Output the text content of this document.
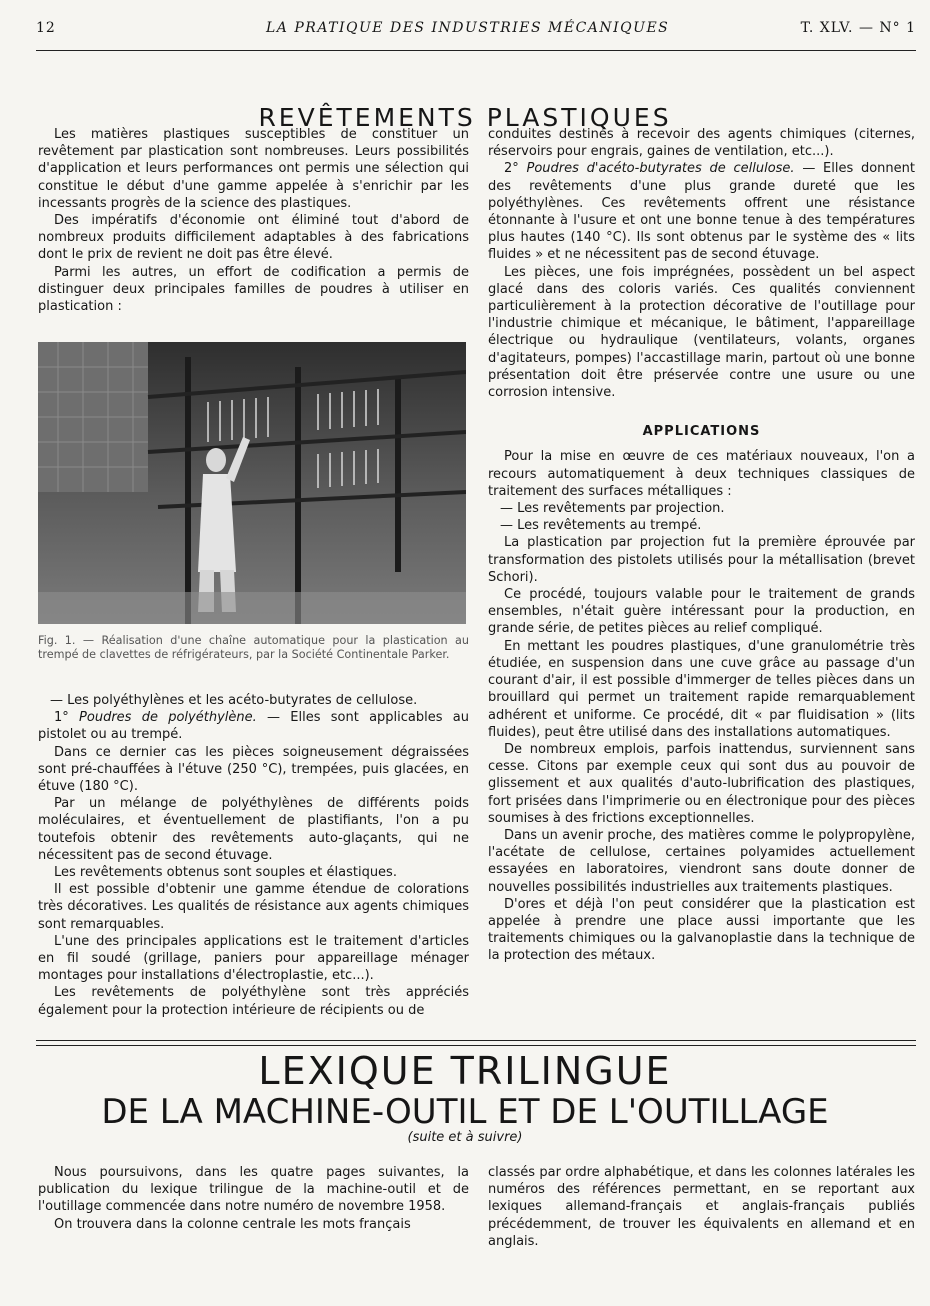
12	LA PRATIQUE DES INDUSTRIES MÉCANIQUES	T. XLV. — N° 1
REVÊTEMENTS PLASTIQUES

Les matières plastiques susceptibles de constituer un revêtement par plastication sont nombreuses. Leurs possibilités d'application et leurs performances ont permis une sélection qui constitue le début d'une gamme appelée à s'enrichir par les incessants progrès de la science des plastiques.

Des impératifs d'économie ont éliminé tout d'abord de nombreux produits difficilement adaptables à des fabrications dont le prix de revient ne doit pas être élevé.

Parmi les autres, un effort de codification a permis de distinguer deux principales familles de poudres à utiliser en plastication :

Fig. 1. — Réalisation d'une chaîne automatique pour la plastication au trempé de clavettes de réfrigérateurs, par la Société Continentale Parker.

— Les polyéthylènes et les acéto-butyrates de cellulose.

1° Poudres de polyéthylène. — Elles sont applicables au pistolet ou au trempé.

Dans ce dernier cas les pièces soigneusement dégraissées sont pré-chauffées à l'étuve (250 °C), trempées, puis glacées, en étuve (180 °C).

Par un mélange de polyéthylènes de différents poids moléculaires, et éventuellement de plastifiants, l'on a pu toutefois obtenir des revêtements auto-glaçants, qui ne nécessitent pas de second étuvage.

Les revêtements obtenus sont souples et élastiques.

Il est possible d'obtenir une gamme étendue de colorations très décoratives. Les qualités de résistance aux agents chimiques sont remarquables.

L'une des principales applications est le traitement d'articles en fil soudé (grillage, paniers pour appareillage ménager montages pour installations d'électroplastie, etc...).

Les revêtements de polyéthylène sont très appréciés également pour la protection intérieure de récipients ou de

conduites destinés à recevoir des agents chimiques (citernes, réservoirs pour engrais, gaines de ventilation, etc...).

2° Poudres d'acéto-butyrates de cellulose. — Elles donnent des revêtements d'une plus grande dureté que les polyéthylènes. Ces revêtements offrent une résistance étonnante à l'usure et ont une bonne tenue à des températures plus hautes (140 °C). Ils sont obtenus par le système des « lits fluides » et ne nécessitent pas de second étuvage.

Les pièces, une fois imprégnées, possèdent un bel aspect glacé dans des coloris variés. Ces qualités conviennent particulièrement à la protection décorative de l'outillage pour l'industrie chimique et mécanique, le bâtiment, l'appareillage électrique ou hydraulique (ventilateurs, volants, organes d'agitateurs, pompes) l'accastillage marin, partout où une bonne présentation doit être préservée contre une usure ou une corrosion intensive.

APPLICATIONS

Pour la mise en œuvre de ces matériaux nouveaux, l'on a recours automatiquement à deux techniques classiques de traitement des surfaces métalliques :

— Les revêtements par projection.

— Les revêtements au trempé.

La plastication par projection fut la première éprouvée par transformation des pistolets utilisés pour la métallisation (brevet Schori).

Ce procédé, toujours valable pour le traitement de grands ensembles, n'était guère intéressant pour la production, en grande série, de petites pièces au relief compliqué.

En mettant les poudres plastiques, d'une granulométrie très étudiée, en suspension dans une cuve grâce au passage d'un courant d'air, il est possible d'immerger de telles pièces dans un brouillard qui permet un traitement rapide remarquablement adhérent et uniforme. Ce procédé, dit « par fluidisation » (lits fluides), peut être utilisé dans des installations automatiques.

De nombreux emplois, parfois inattendus, surviennent sans cesse. Citons par exemple ceux qui sont dus au pouvoir de glissement et aux qualités d'auto-lubrification des plastiques, fort prisées dans l'imprimerie ou en électronique pour des pièces soumises à des frictions exceptionnelles.

Dans un avenir proche, des matières comme le polypropylène, l'acétate de cellulose, certaines polyamides actuellement essayées en laboratoires, viendront sans doute donner de nouvelles possibilités industrielles aux traitements plastiques.

D'ores et déjà l'on peut considérer que la plastication est appelée à prendre une place aussi importante que les traitements chimiques ou la galvanoplastie dans la technique de la protection des métaux.

LEXIQUE TRILINGUE
DE LA MACHINE-OUTIL ET DE L'OUTILLAGE
(suite et à suivre)

Nous poursuivons, dans les quatre pages suivantes, la publication du lexique trilingue de la machine-outil et de l'outillage commencée dans notre numéro de novembre 1958.

On trouvera dans la colonne centrale les mots français

classés par ordre alphabétique, et dans les colonnes latérales les numéros des références permettant, en se reportant aux lexiques allemand-français et anglais-français publiés précédemment, de trouver les équivalents en allemand et en anglais.
